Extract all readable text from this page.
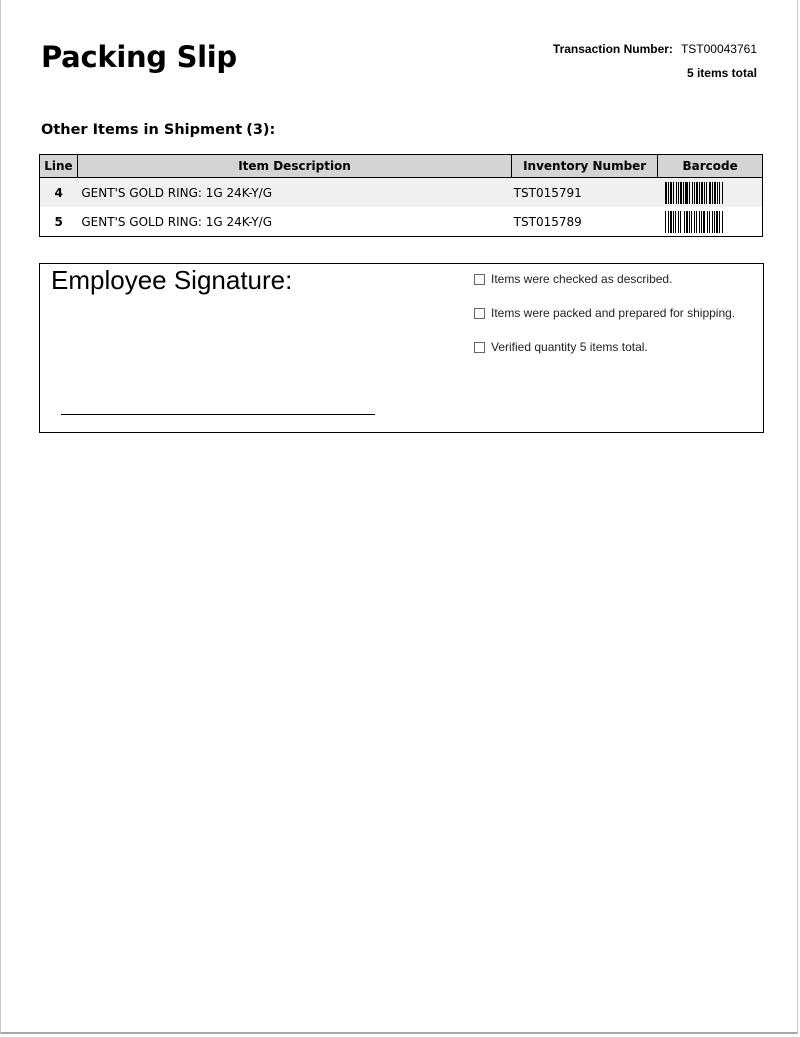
Packing Slip	Transaction Number: TST00043761
5 items total
Other Items in Shipment (3):
Line	Item Description	Inventory Number	Barcode
4	GENT'S GOLD RING: 1G 24K-Y/G	TST015791	
5	GENT'S GOLD RING: 1G 24K-Y/G	TST015789	
Employee Signature:	Items were checked as described.
Items were packed and prepared for shipping.
Verified quantity 5 items total.
